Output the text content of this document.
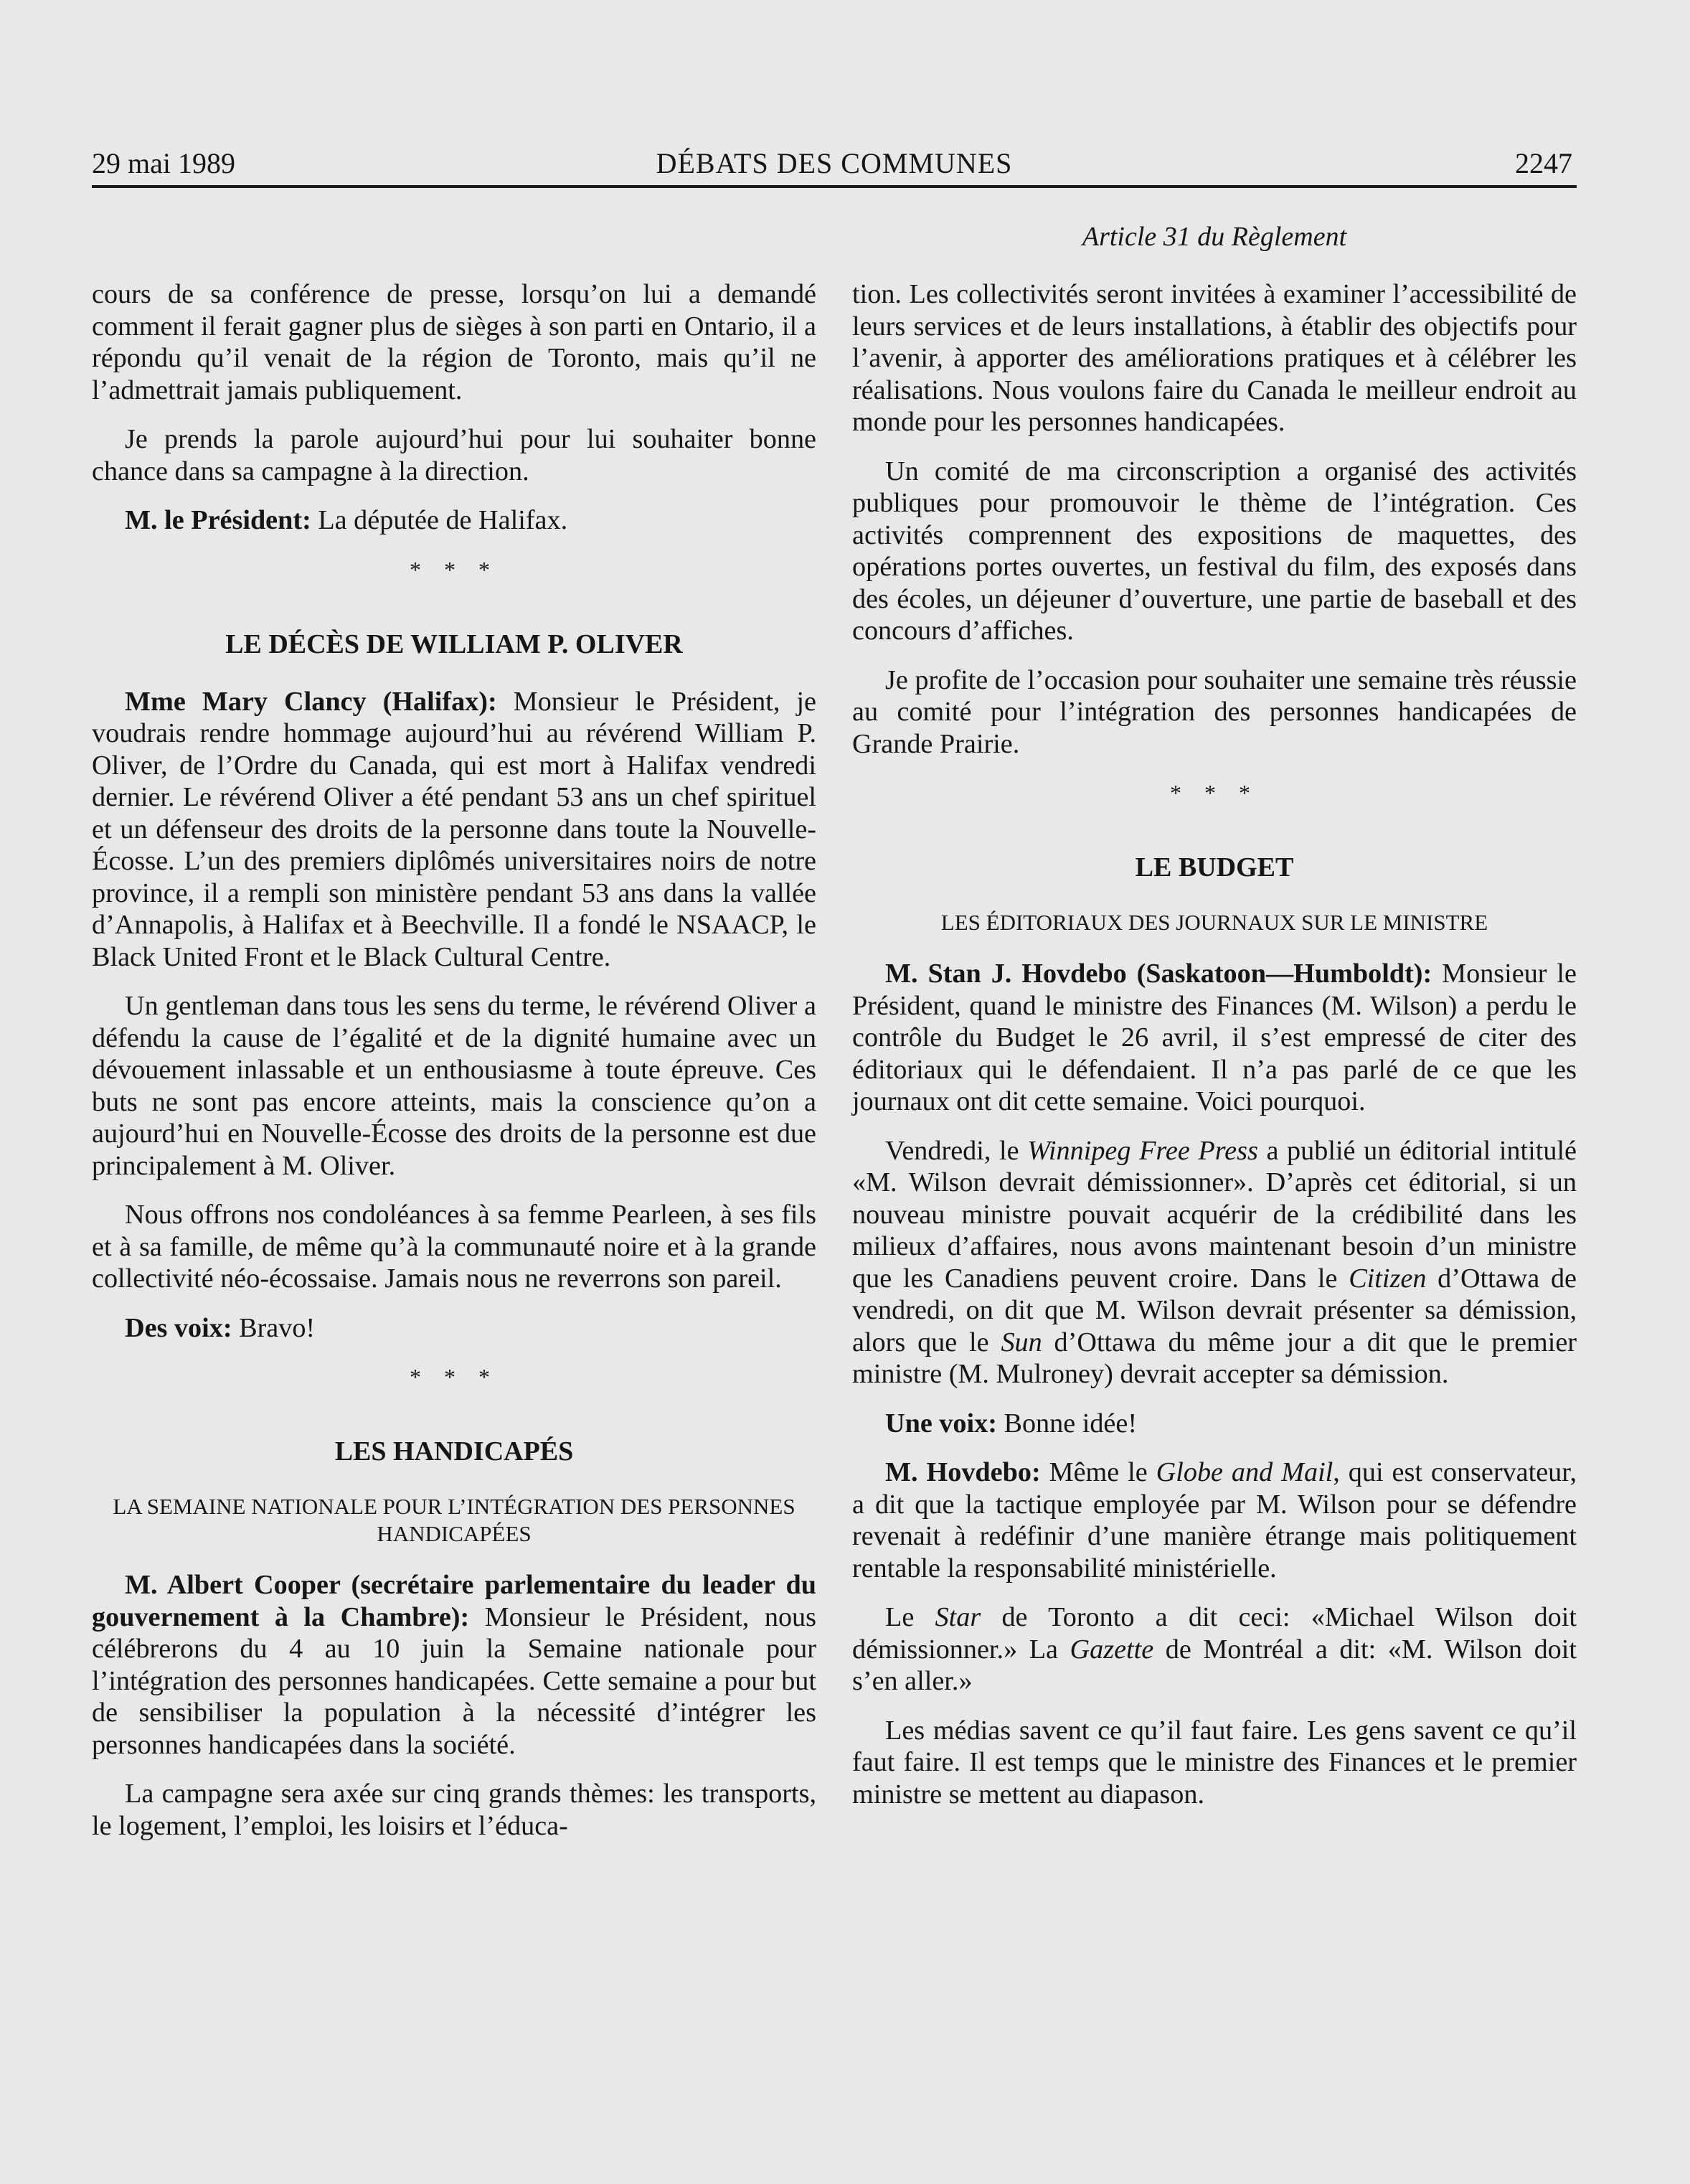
DÉBATS DES COMMUNES
29 mai 1989	2247
Article 31 du Règlement

cours de sa conférence de presse, lorsqu’on lui a demandé comment il ferait gagner plus de sièges à son parti en Ontario, il a répondu qu’il venait de la région de Toronto, mais qu’il ne l’admettrait jamais publiquement.

Je prends la parole aujourd’hui pour lui souhaiter bonne chance dans sa campagne à la direction.

M. le Président: La députée de Halifax.

* * *
LE DÉCÈS DE WILLIAM P. OLIVER

Mme Mary Clancy (Halifax): Monsieur le Président, je voudrais rendre hommage aujourd’hui au révérend William P. Oliver, de l’Ordre du Canada, qui est mort à Halifax vendredi dernier. Le révérend Oliver a été pendant 53 ans un chef spirituel et un défenseur des droits de la personne dans toute la Nouvelle-Écosse. L’un des premiers diplômés universitaires noirs de notre province, il a rempli son ministère pendant 53 ans dans la vallée d’Annapolis, à Halifax et à Beechville. Il a fondé le NSAACP, le Black United Front et le Black Cultural Centre.

Un gentleman dans tous les sens du terme, le révérend Oliver a défendu la cause de l’égalité et de la dignité humaine avec un dévouement inlassable et un enthousiasme à toute épreuve. Ces buts ne sont pas encore atteints, mais la conscience qu’on a aujourd’hui en Nouvelle-Écosse des droits de la personne est due principalement à M. Oliver.

Nous offrons nos condoléances à sa femme Pearleen, à ses fils et à sa famille, de même qu’à la communauté noire et à la grande collectivité néo-écossaise. Jamais nous ne reverrons son pareil.

Des voix: Bravo!

* * *
LES HANDICAPÉS
LA SEMAINE NATIONALE POUR L’INTÉGRATION DES PERSONNES HANDICAPÉES

M. Albert Cooper (secrétaire parlementaire du leader du gouvernement à la Chambre): Monsieur le Président, nous célébrerons du 4 au 10 juin la Semaine nationale pour l’intégration des personnes handicapées. Cette semaine a pour but de sensibiliser la population à la nécessité d’intégrer les personnes handicapées dans la société.

La campagne sera axée sur cinq grands thèmes: les transports, le logement, l’emploi, les loisirs et l’éduca-

tion. Les collectivités seront invitées à examiner l’accessibilité de leurs services et de leurs installations, à établir des objectifs pour l’avenir, à apporter des améliorations pratiques et à célébrer les réalisations. Nous voulons faire du Canada le meilleur endroit au monde pour les personnes handicapées.

Un comité de ma circonscription a organisé des activités publiques pour promouvoir le thème de l’intégration. Ces activités comprennent des expositions de maquettes, des opérations portes ouvertes, un festival du film, des exposés dans des écoles, un déjeuner d’ouverture, une partie de baseball et des concours d’affiches.

Je profite de l’occasion pour souhaiter une semaine très réussie au comité pour l’intégration des personnes handicapées de Grande Prairie.

* * *
LE BUDGET
LES ÉDITORIAUX DES JOURNAUX SUR LE MINISTRE

M. Stan J. Hovdebo (Saskatoon—Humboldt): Monsieur le Président, quand le ministre des Finances (M. Wilson) a perdu le contrôle du Budget le 26 avril, il s’est empressé de citer des éditoriaux qui le défendaient. Il n’a pas parlé de ce que les journaux ont dit cette semaine. Voici pourquoi.

Vendredi, le Winnipeg Free Press a publié un éditorial intitulé «M. Wilson devrait démissionner». D’après cet éditorial, si un nouveau ministre pouvait acquérir de la crédibilité dans les milieux d’affaires, nous avons maintenant besoin d’un ministre que les Canadiens peuvent croire. Dans le Citizen d’Ottawa de vendredi, on dit que M. Wilson devrait présenter sa démission, alors que le Sun d’Ottawa du même jour a dit que le premier ministre (M. Mulroney) devrait accepter sa démission.

Une voix: Bonne idée!

M. Hovdebo: Même le Globe and Mail, qui est conservateur, a dit que la tactique employée par M. Wilson pour se défendre revenait à redéfinir d’une manière étrange mais politiquement rentable la responsabilité ministérielle.

Le Star de Toronto a dit ceci: «Michael Wilson doit démissionner.» La Gazette de Montréal a dit: «M. Wilson doit s’en aller.»

Les médias savent ce qu’il faut faire. Les gens savent ce qu’il faut faire. Il est temps que le ministre des Finances et le premier ministre se mettent au diapason.
